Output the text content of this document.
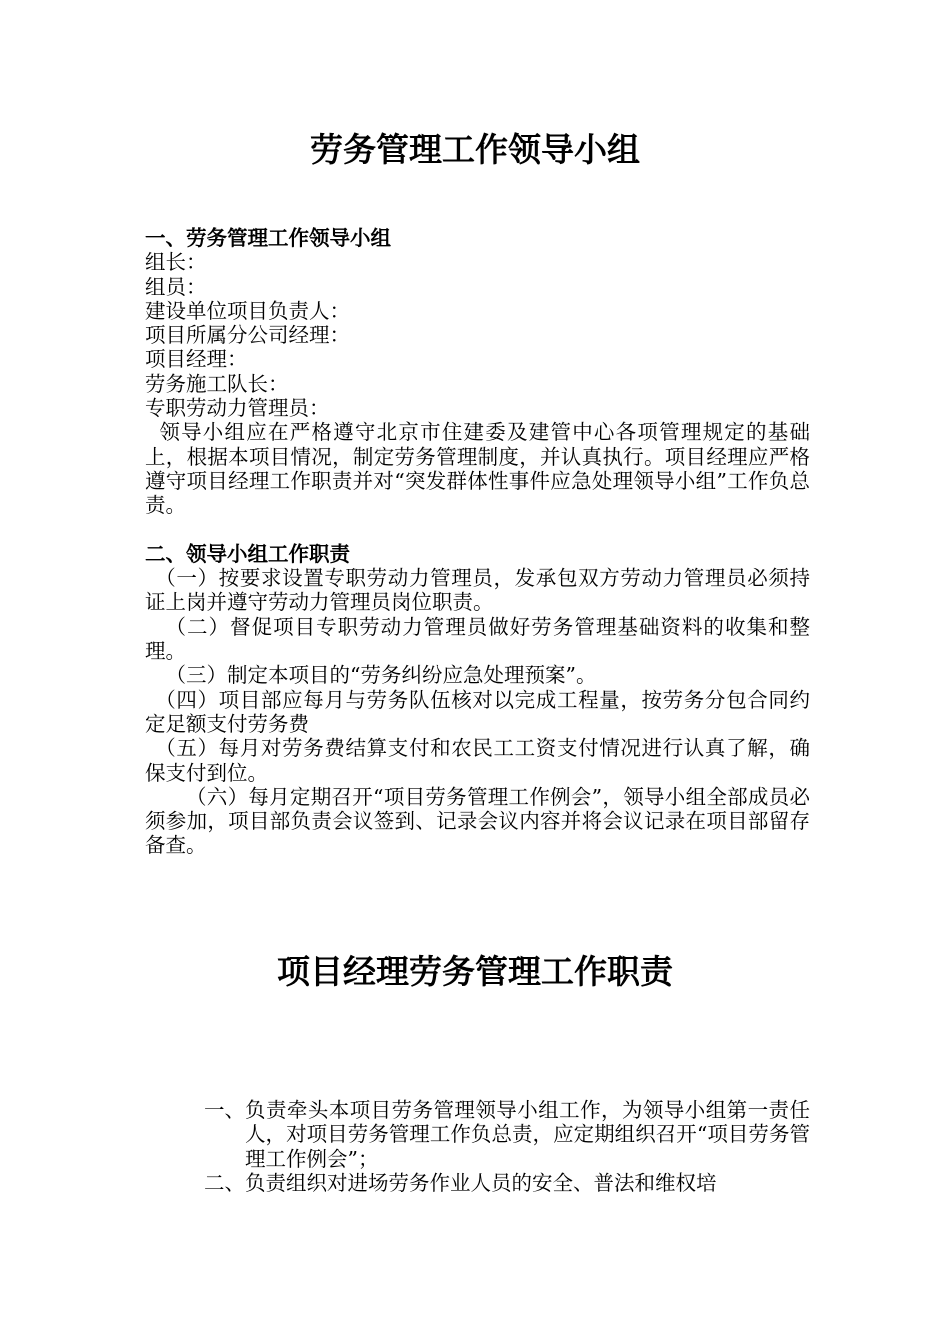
劳务管理工作领导小组
一、劳务管理工作领导小组
组长：
组员：
建设单位项目负责人：
项目所属分公司经理：
项目经理：
劳务施工队长：
专职劳动力管理员：

领导小组应在严格遵守北京市住建委及建管中心各项管理规定的基础上，根据本项目情况，制定劳务管理制度，并认真执行。项目经理应严格遵守项目经理工作职责并对“突发群体性事件应急处理领导小组”工作负总责。

二、领导小组工作职责

（一）按要求设置专职劳动力管理员，发承包双方劳动力管理员必须持证上岗并遵守劳动力管理员岗位职责。

（二）督促项目专职劳动力管理员做好劳务管理基础资料的收集和整理。

（三）制定本项目的“劳务纠纷应急处理预案”。

（四）项目部应每月与劳务队伍核对以完成工程量，按劳务分包合同约定足额支付劳务费

（五）每月对劳务费结算支付和农民工工资支付情况进行认真了解，确保支付到位。

（六）每月定期召开“项目劳务管理工作例会”，领导小组全部成员必须参加，项目部负责会议签到、记录会议内容并将会议记录在项目部留存备查。

项目经理劳务管理工作职责
一、 负责牵头本项目劳务管理领导小组工作，为领导小组第一责任人，对项目劳务管理工作负总责，应定期组织召开“项目劳务管理工作例会”；
二、 负责组织对进场劳务作业人员的安全、普法和维权培
